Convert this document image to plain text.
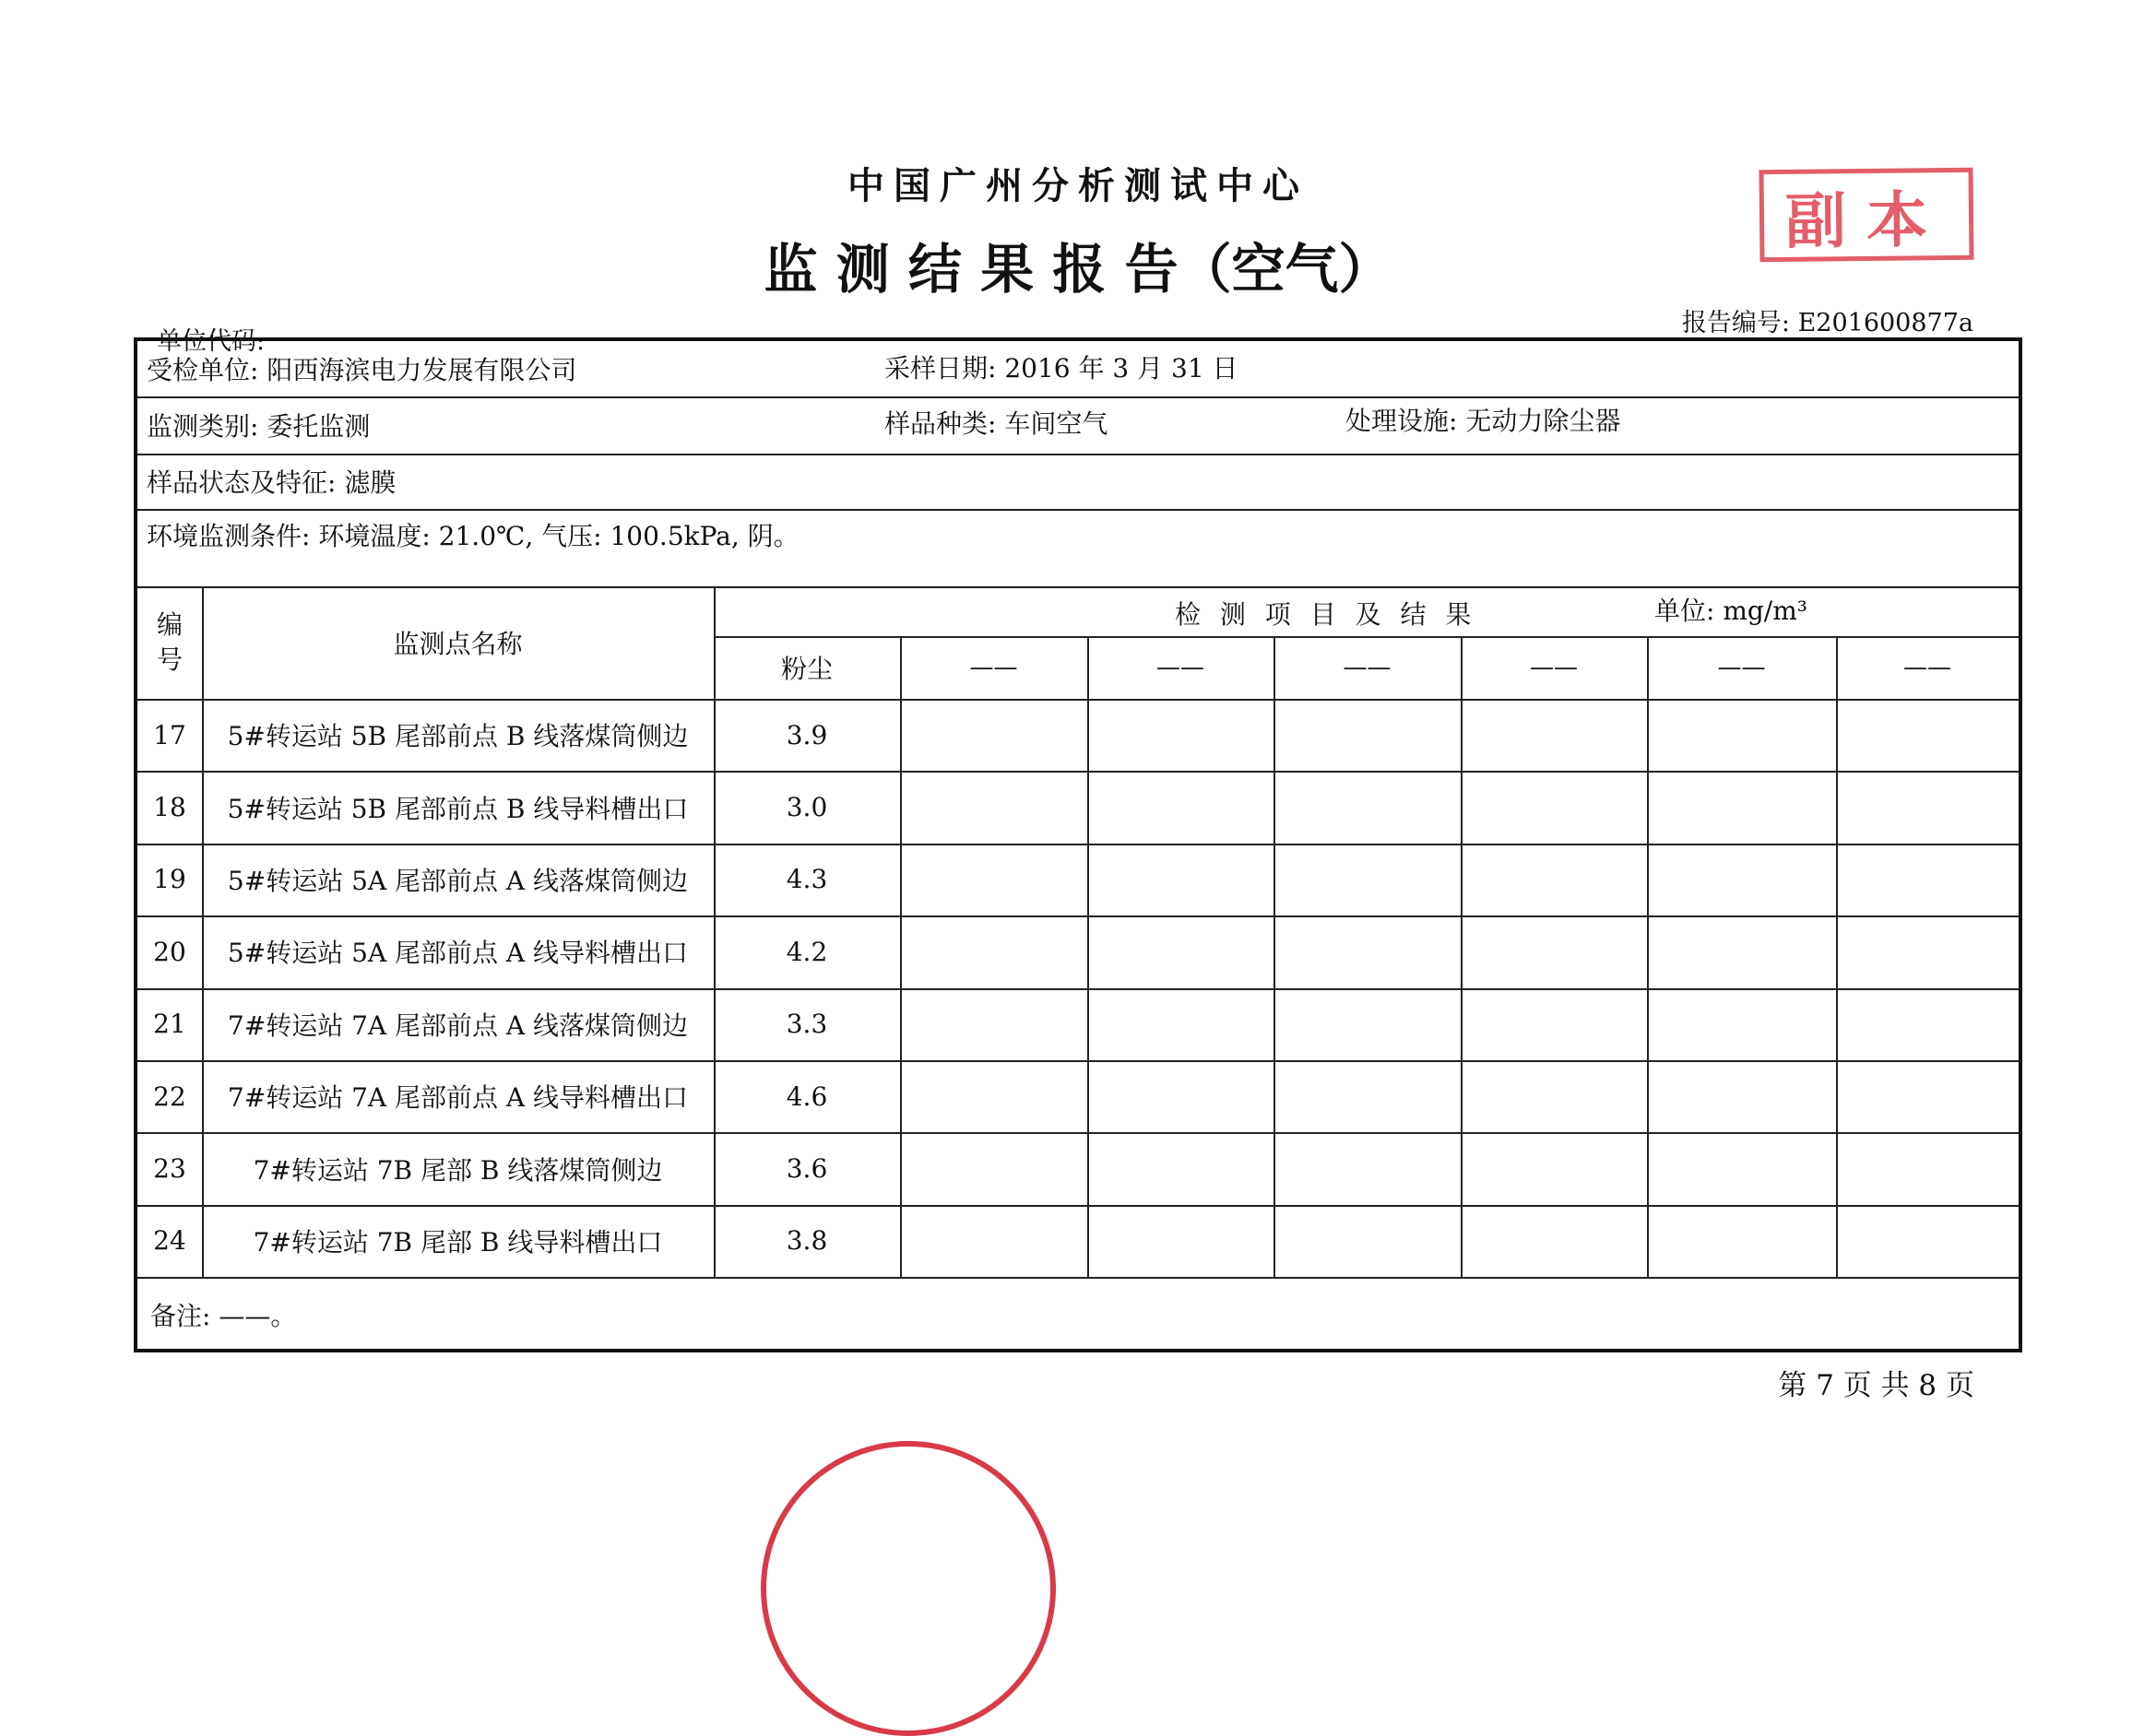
中国广州分析测试中心
监 测 结 果 报 告（空气）
副本
单位代码:
报告编号: E201600877a
受检单位: 阳西海滨电力发展有限公司	采样日期: 2016 年 3 月 31 日
监测类别: 委托监测	样品种类: 车间空气	处理设施: 无动力除尘器
样品状态及特征: 滤膜
环境监测条件: 环境温度: 21.0℃, 气压: 100.5kPa, 阴。
编号
监测点名称
检 测 项 目 及 结 果	单位: mg/m³
粉尘	——	——	——	——	——	——
17	5#转运站 5B 尾部前点 B 线落煤筒侧边	3.9
18	5#转运站 5B 尾部前点 B 线导料槽出口	3.0
19	5#转运站 5A 尾部前点 A 线落煤筒侧边	4.3
20	5#转运站 5A 尾部前点 A 线导料槽出口	4.2
21	7#转运站 7A 尾部前点 A 线落煤筒侧边	3.3
22	7#转运站 7A 尾部前点 A 线导料槽出口	4.6
23	7#转运站 7B 尾部 B 线落煤筒侧边	3.6
24	7#转运站 7B 尾部 B 线导料槽出口	3.8
备注: ——。
第 7 页 共 8 页
